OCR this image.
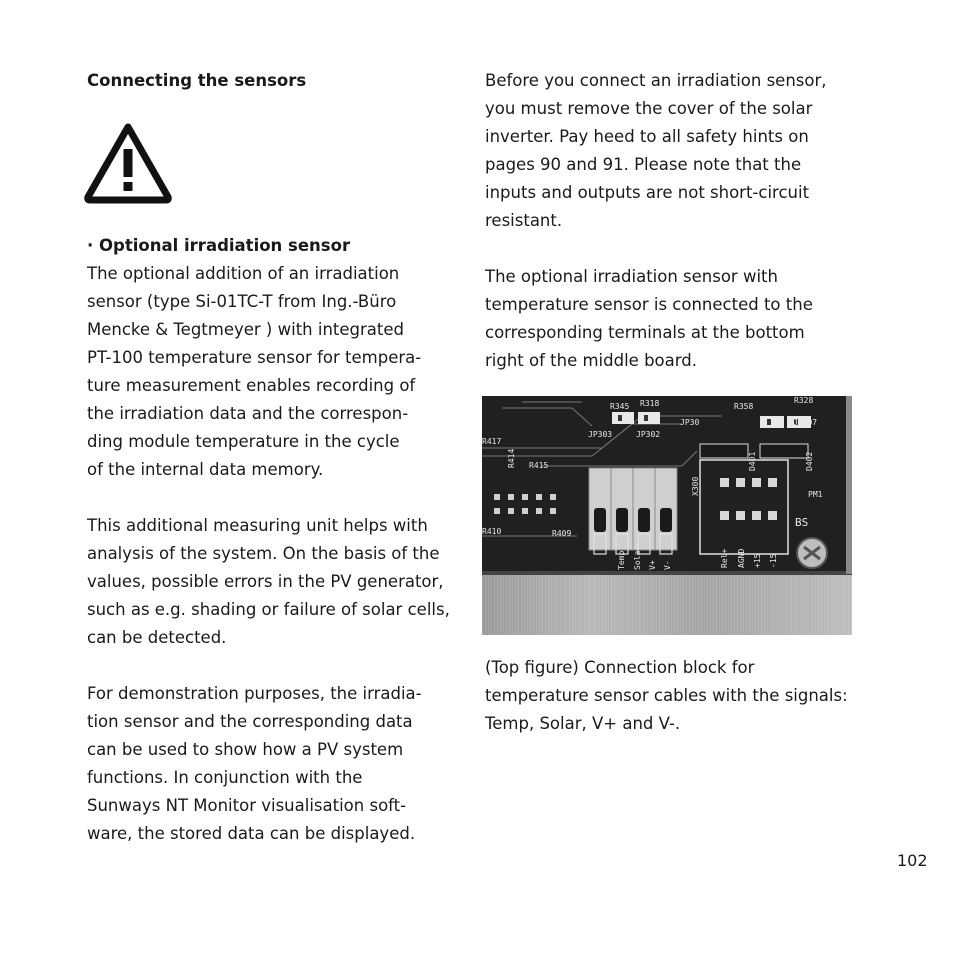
Connecting the sensors

· Optional irradiation sensor

The optional addition of an irradiation
sensor (type Si-01TC-T from Ing.-Büro
Mencke & Tegtmeyer ) with integrated
PT-100 temperature sensor for tempera-
ture measurement enables recording of
the irradiation data and the correspon-
ding module temperature in the cycle
of the internal data memory.

This additional measuring unit helps with
analysis of the system. On the basis of the
values, possible errors in the PV generator,
such as e.g. shading or failure of solar cells,
can be detected.

For demonstration purposes, the irradia-
tion sensor and the corresponding data
can be used to show how a PV system
functions. In conjunction with the
Sunways NT Monitor visualisation soft-
ware, the stored data can be displayed.

Before you connect an irradiation sensor,
you must remove the cover of the solar
inverter. Pay heed to all safety hints on
pages 90 and 91. Please note that the
inputs and outputs are not short-circuit
resistant.

The optional irradiation sensor with
temperature sensor is connected to the
corresponding terminals at the bottom
right of the middle board.

R345 R318
JP303	JP302
JP30
R358
R328
JP307
R417
R415
R410	R409
PM1
BS
R414
X300
D401	D402
Temp Solar V+ V-	Rel+ AGND +15 -15

(Top figure) Connection block for
temperature sensor cables with the signals:
Temp, Solar, V+ and V-.

102
